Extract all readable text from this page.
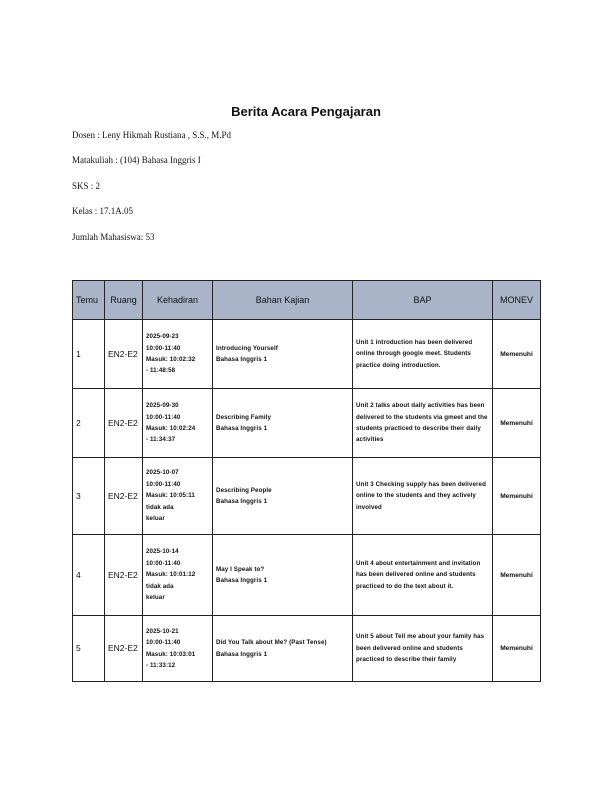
Berita Acara Pengajaran
Dosen : Leny Hikmah Rustiana , S.S., M.Pd
Matakuliah : (104) Bahasa Inggris I
SKS : 2
Kelas : 17.1A.05
Jumlah Mahasiswa: 53
Temu	Ruang	Kehadiran	Bahan Kajian	BAP	MONEV
1	EN2-E2	2025-09-23
10:00-11:40
Masuk: 10:02:32
- 11:48:58	Introducing Yourself
Bahasa Inggris 1	Unit 1 introduction has been delivered online through google meet. Students practice doing introduction.	Memenuhi
2	EN2-E2	2025-09-30
10:00-11:40
Masuk: 10:02:24
- 11:34:37	Describing Family
Bahasa Inggris 1	Unit 2 talks about daily activities has been delivered to the students via gmeet and the students practiced to describe their daily activities	Memenuhi
3	EN2-E2	2025-10-07
10:00-11:40
Masuk: 10:05:11
tidak ada
keluar	Describing People
Bahasa Inggris 1	Unit 3 Checking supply has been delivered online to the students and they actively involved	Memenuhi
4	EN2-E2	2025-10-14
10:00-11:40
Masuk: 10:01:12
tidak ada
keluar	May I Speak to?
Bahasa Inggris 1	Unit 4 about entertainment and invitation has been delivered online and students practiced to do the text about it.	Memenuhi
5	EN2-E2	2025-10-21
10:00-11:40
Masuk: 10:03:01
- 11:33:12	Did You Talk about Me? (Past Tense)
Bahasa Inggris 1	Unit 5 about Tell me about your family has been delivered online and students practiced to describe their family	Memenuhi
